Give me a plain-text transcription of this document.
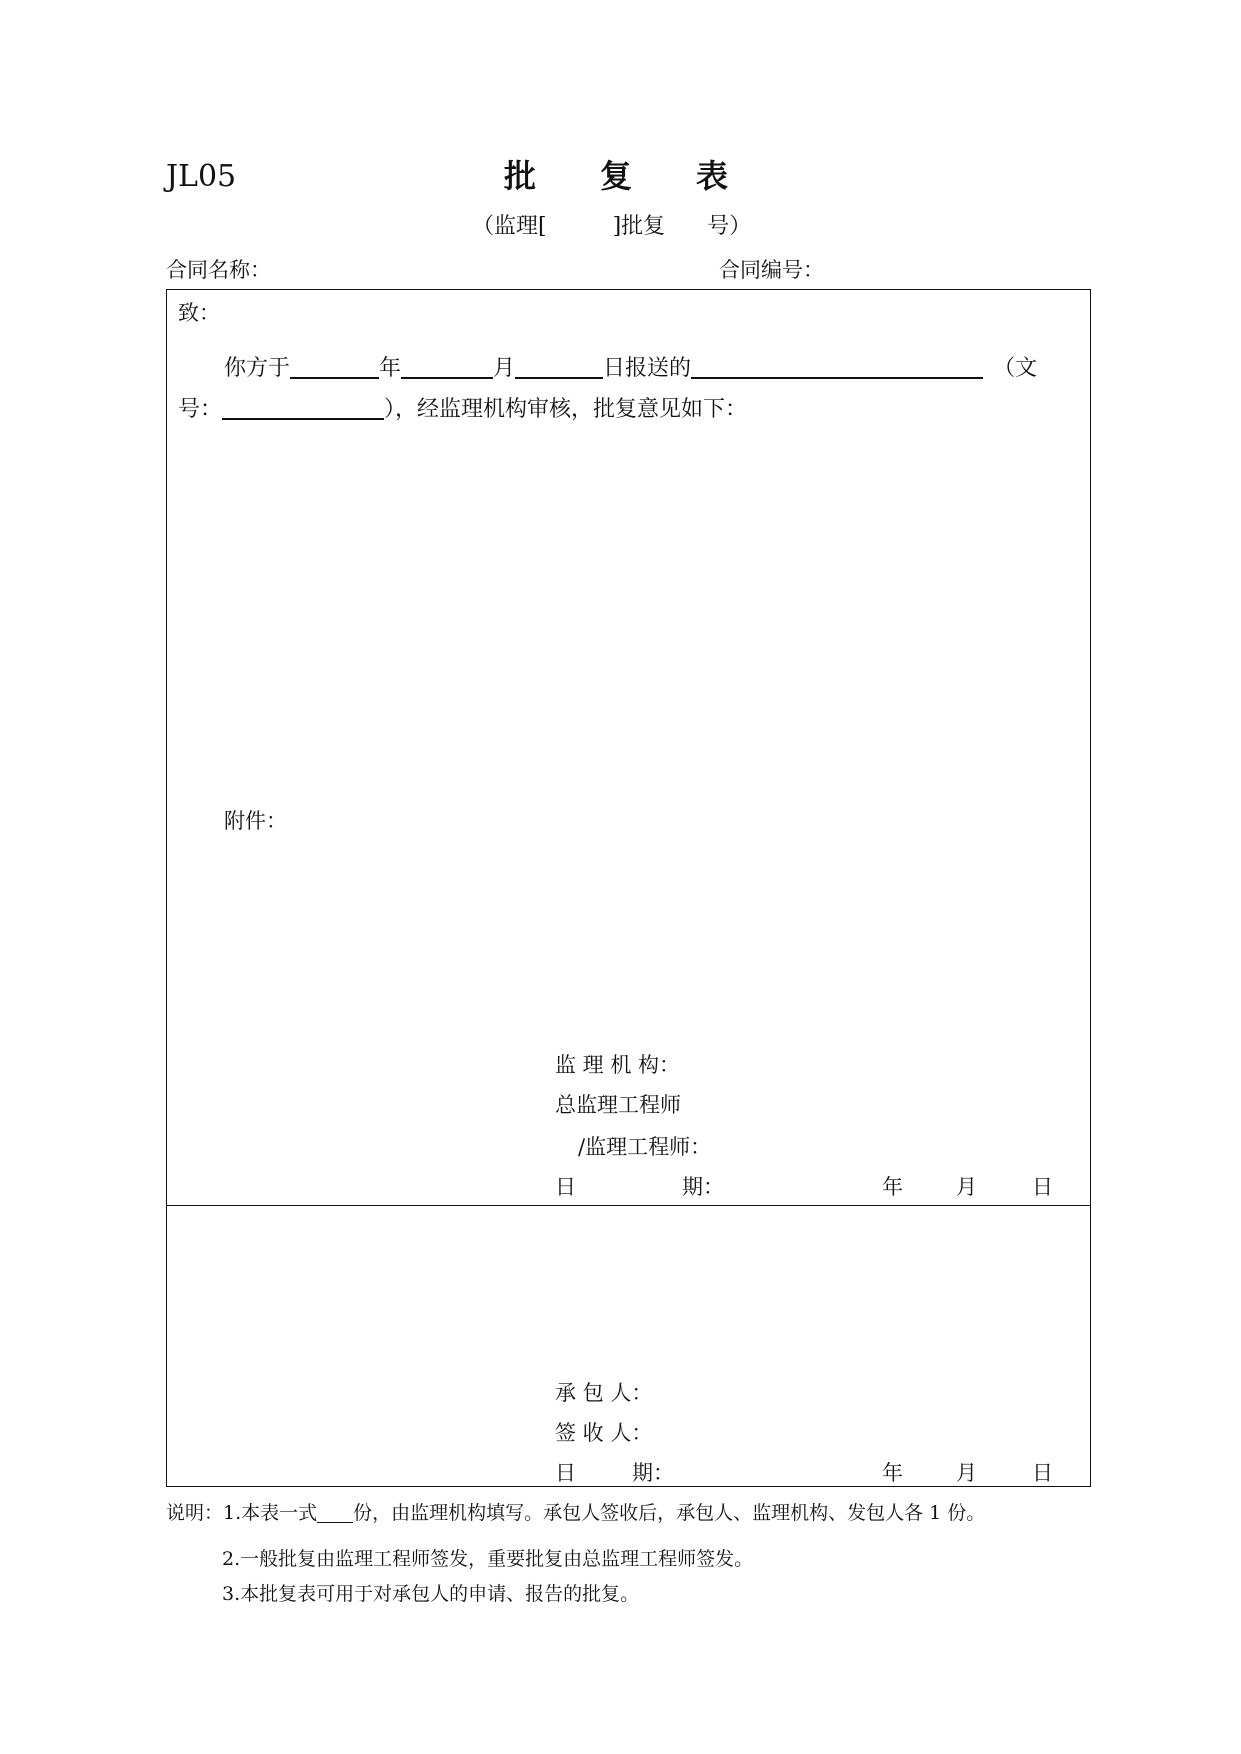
JL05	批　　复　　表
（监理[	]批复 号）
合同名称：	合同编号：
致：
你方于	年	月	日报送的	（文
号：	），经监理机构审核，批复意见如下：
附件：
监 理 机 构：
总监理工程师
/监理工程师：
日	期：	年	月	日
承 包 人：
签 收 人：
日	期：	年	月	日
说明：1.本表一式 份，由监理机构填写。承包人签收后，承包人、监理机构、发包人各 1 份。
2.一般批复由监理工程师签发，重要批复由总监理工程师签发。
3.本批复表可用于对承包人的申请、报告的批复。
